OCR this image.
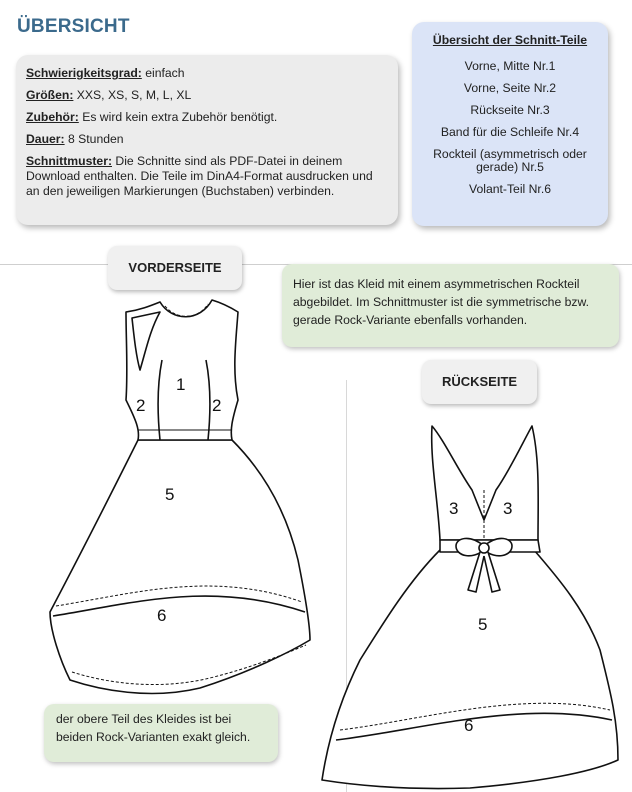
ÜBERSICHT

Schwierigkeitsgrad: einfach

Größen: XXS, XS, S, M, L, XL

Zubehör: Es wird kein extra Zubehör benötigt.

Dauer: 8 Stunden

Schnittmuster: Die Schnitte sind als PDF-Datei in deinem Download enthalten. Die Teile im DinA4-Format ausdrucken und an den jeweiligen Markierungen (Buchstaben) verbinden.

Übersicht der Schnitt-Teile
Vorne, Mitte Nr.1
Vorne, Seite Nr.2
Rückseite Nr.3
Band für die Schleife Nr.4
Rockteil (asymmetrisch oder gerade) Nr.5
Volant-Teil Nr.6
VORDERSEITE
RÜCKSEITE
Hier ist das Kleid mit einem asymmetrischen Rockteil abgebildet. Im Schnittmuster ist die symmetrische bzw. gerade Rock-Variante ebenfalls vorhanden.
der obere Teil des Kleides ist bei beiden Rock-Varianten exakt gleich.
1
2	2
5
6
3	3
5
6
